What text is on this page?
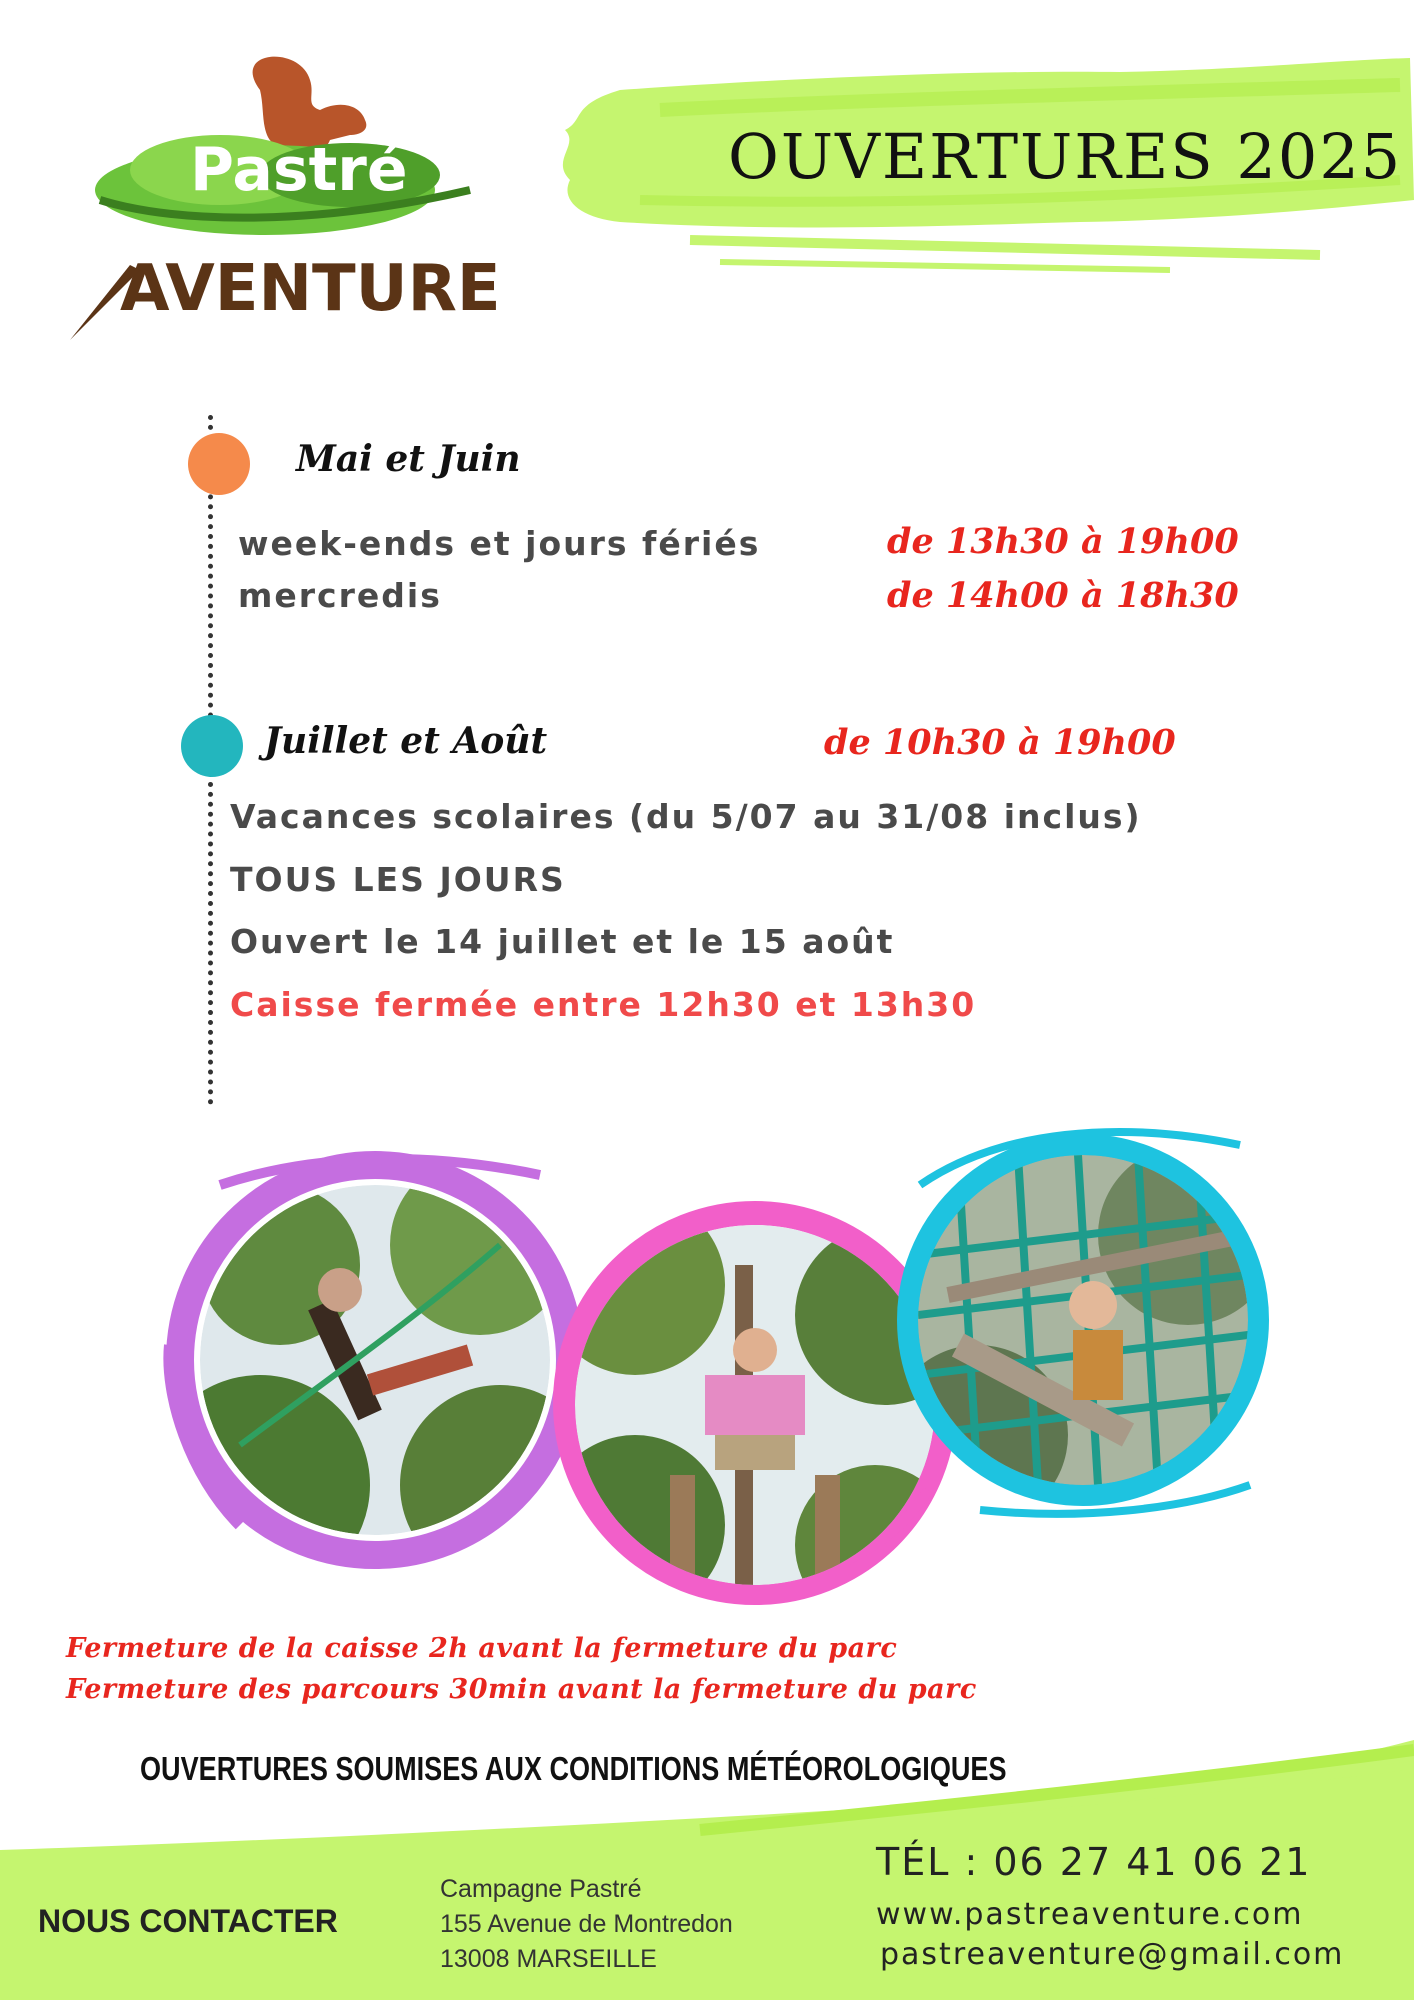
OUVERTURES 2025
Pastré
AVENTURE
Mai et Juin
week-ends et jours fériés	de 13h30 à 19h00
mercredis	de 14h00 à 18h30
Juillet et Août	de 10h30 à 19h00
Vacances scolaires (du 5/07 au 31/08 inclus)
TOUS LES JOURS
Ouvert le 14 juillet et le 15 août
Caisse fermée entre 12h30 et 13h30
Fermeture de la caisse 2h avant la fermeture du parc
Fermeture des parcours 30min avant la fermeture du parc
OUVERTURES SOUMISES AUX CONDITIONS MÉTÉOROLOGIQUES
NOUS CONTACTER
Campagne Pastré
155 Avenue de Montredon
13008 MARSEILLE
TÉL : 06 27 41 06 21
www.pastreaventure.com
pastreaventure@gmail.com
